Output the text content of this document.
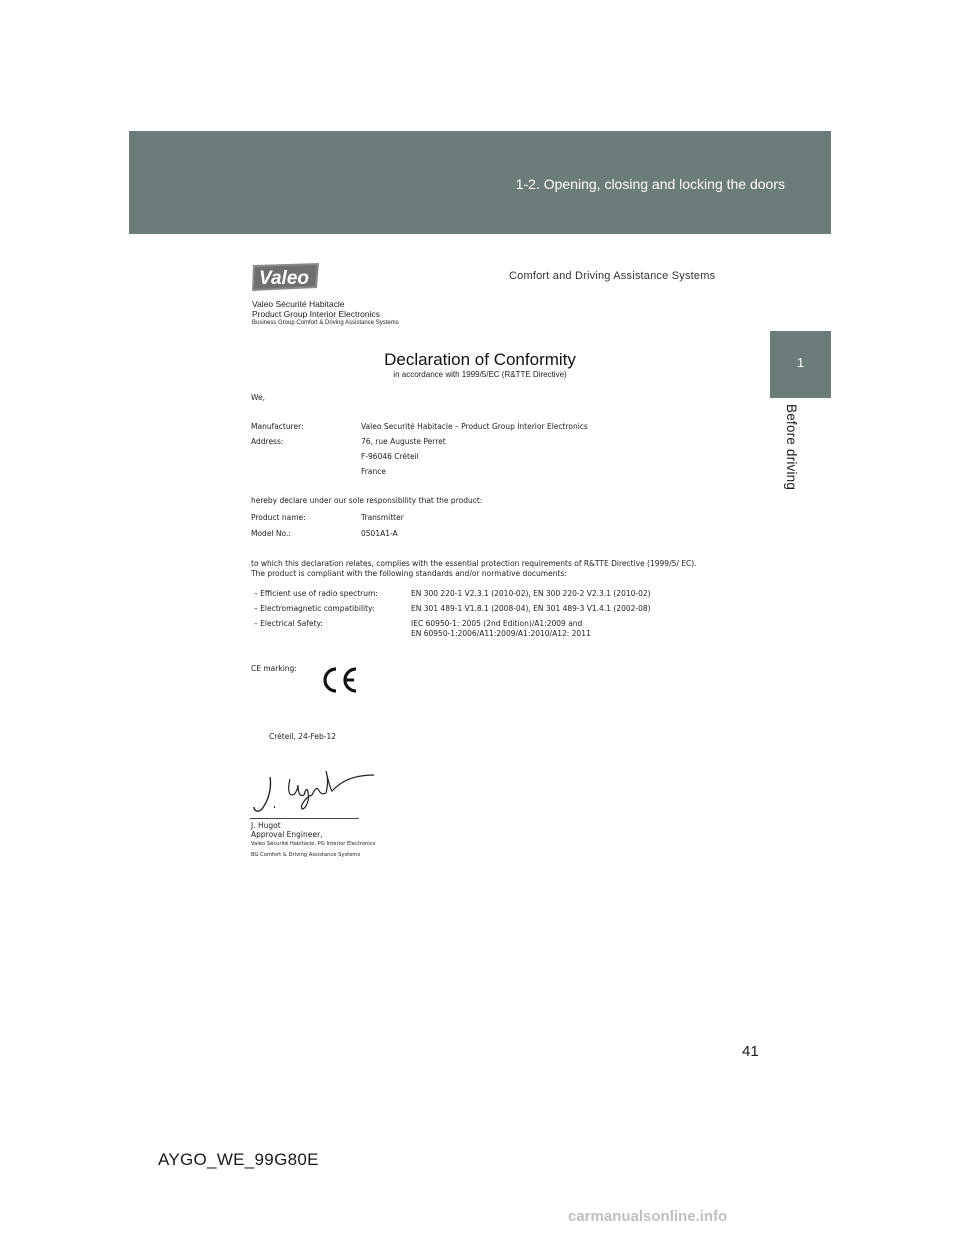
1-2. Opening, closing and locking the doors
1
Before driving
Valeo	Comfort and Driving Assistance Systems
Valeo Sécurité Habitacle
Product Group Interior Electronics
Business Group Comfort & Driving Assistance Systems
Declaration of Conformity
in accordance with 1999/5/EC (R&TTE Directive)
We,
Manufacturer:	Valeo Securité Habitacle – Product Group Interior Electronics
Address:	76, rue Auguste Perret
F-96046 Créteil
France
hereby declare under our sole responsibility that the product:
Product name:	Transmitter
Model No.:	0501A1-A
to which this declaration relates, complies with the essential protection requirements of R&TTE Directive (1999/5/ EC).
The product is compliant with the following standards and/or normative documents:
– Efficient use of radio spectrum:	EN 300 220-1 V2.3.1 (2010-02), EN 300 220-2 V2.3.1 (2010-02)
– Electromagnetic compatibility:	EN 301 489-1 V1.8.1 (2008-04), EN 301 489-3 V1.4.1 (2002-08)
– Electrical Safety:	IEC 60950-1: 2005 (2nd Edition)/A1:2009 and
EN 60950-1:2006/A11:2009/A1:2010/A12: 2011
CE marking:
Créteil, 24-Feb-12
J. Hugot
Approval Engineer,
Valeo Sécurité Habitacle, PG Interior Electronics
BG Comfort & Driving Assistance Systems
41
AYGO_WE_99G80E
carmanualsonline.info
